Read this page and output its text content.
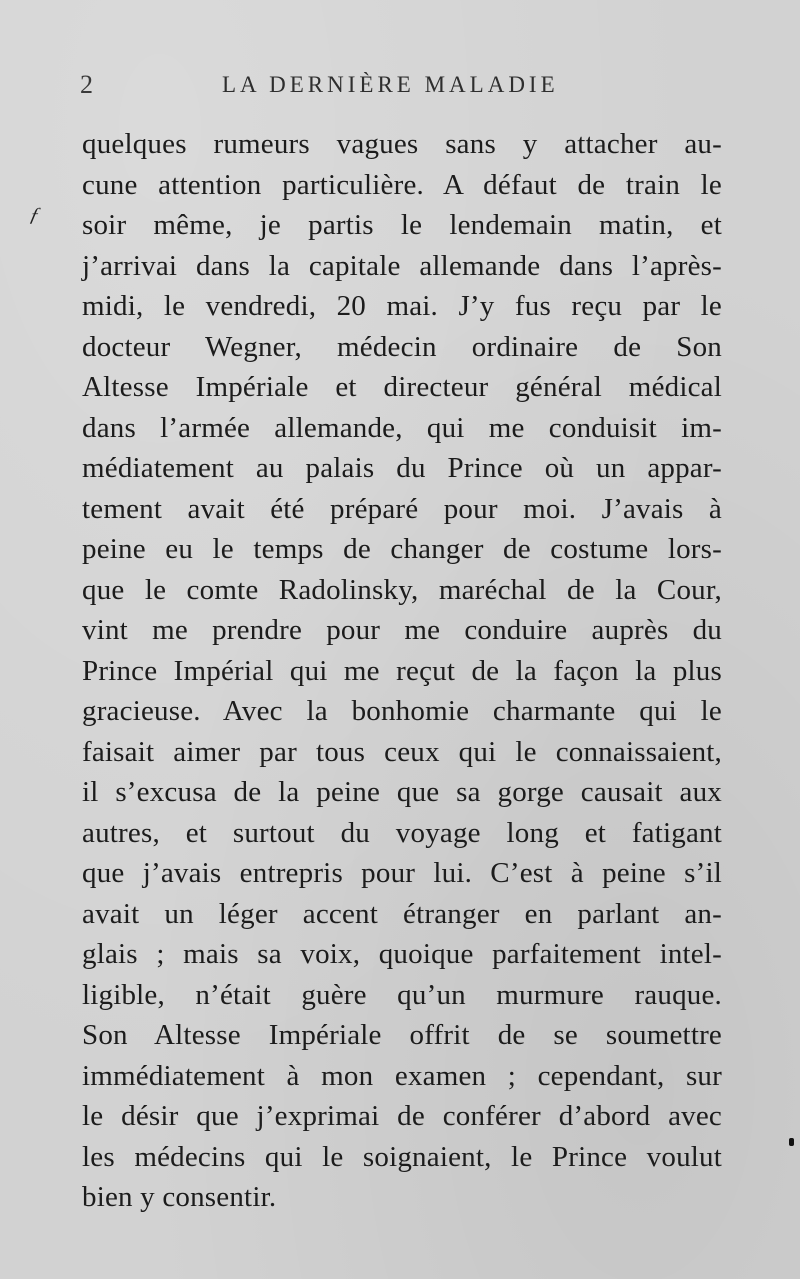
2	LA DERNIÈRE MALADIE
ƒ
quelques rumeurs vagues sans y attacher au-
cune attention particulière. A défaut de train le
soir même, je partis le lendemain matin, et
j’arrivai dans la capitale allemande dans l’après-
midi, le vendredi, 20 mai. J’y fus reçu par le
docteur Wegner, médecin ordinaire de Son
Altesse Impériale et directeur général médical
dans l’armée allemande, qui me conduisit im-
médiatement au palais du Prince où un appar-
tement avait été préparé pour moi. J’avais à
peine eu le temps de changer de costume lors-
que le comte Radolinsky, maréchal de la Cour,
vint me prendre pour me conduire auprès du
Prince Impérial qui me reçut de la façon la plus
gracieuse. Avec la bonhomie charmante qui le
faisait aimer par tous ceux qui le connaissaient,
il s’excusa de la peine que sa gorge causait aux
autres, et surtout du voyage long et fatigant
que j’avais entrepris pour lui. C’est à peine s’il
avait un léger accent étranger en parlant an-
glais ; mais sa voix, quoique parfaitement intel-
ligible, n’était guère qu’un murmure rauque.
Son Altesse Impériale offrit de se soumettre
immédiatement à mon examen ; cependant, sur
le désir que j’exprimai de conférer d’abord avec
les médecins qui le soignaient, le Prince voulut
bien y consentir.
